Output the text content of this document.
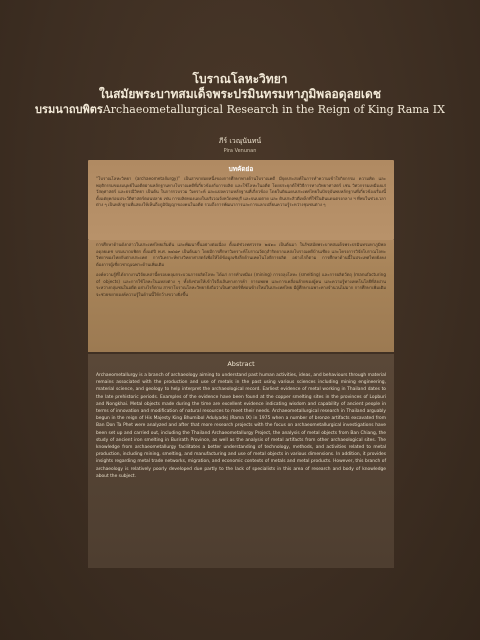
โบราณโลหะวิทยา

ในสมัยพระบาทสมเด็จพระปรมินทรมหาภูมิพลอดุลยเดช

บรมนาถบพิตรArchaeometallurgical Research in the Reign of King Rama IX

ภีร์ เวณุนันทน์
Pira Venunan
บทคัดย่อ
“โบราณโลหะวิทยา (archaeometallurgy)” เป็นสาขาย่อยหนึ่งของการศึกษาทางด้านโบราณคดี มีจุดประสงค์ในการทำความเข้าใจกิจกรรม ความคิด และพฤติกรรมของมนุษย์ในอดีตผ่านหลักฐานทางโบราณคดีที่เกี่ยวข้องกับการผลิต และใช้โลหะในอดีต โดยประยุกต์ใช้วิธีการทางวิทยาศาสตร์ เช่น วิศวกรรมเหมืองแร่ วัสดุศาสตร์ และธรณีวิทยา เป็นต้น ในการรวบรวม วิเคราะห์ และแปลความหลักฐานที่เกี่ยวข้อง โดยในดินแดนประเทศไทยในปัจจุบันพบหลักฐานที่เกี่ยวข้องเรื่องนี้ตั้งแต่ยุคก่อนประวัติศาสตร์ตอนปลาย เช่น การผลิตทองแดงในบริเวณจังหวัดลพบุรี และจนบอตาด และ ดินประสิวตีเหล็กที่ใช้ในดินแดนตรงกลาง ฯ ที่พบในช่วงเวลาต่าง ๆ เป็นหลักฐานที่แสดงให้เห็นถึงภูมิปัญญาของคนในอดีต รวมถึงการพัฒนาการและการแลกเปลี่ยนความรู้ระหว่างชุมชนต่าง ๆ
การศึกษาด้านดังกล่าวในประเทศไทยเริ่มต้น และพัฒนาขึ้นอย่างต่อเนื่อง ตั้งแต่ช่วงทศวรรษ ๒๕๑๐ เป็นต้นมา ในรัชสมัยพระบาทสมเด็จพระปรมินทรมหาภูมิพลอดุลยเดช บรมนาถบพิตร ตั้งแต่ปี พ.ศ. ๒๔๘๙ เป็นต้นมา โดยมีการศึกษาวิเคราะห์โบราณวัตถุสำริดจากแหล่งโบราณคดีบ้านเชียง และโครงการวิจัยโบราณโลหะวิทยาของไทยกับต่างประเทศ การวิเคราะห์ทางวิทยาศาสตร์เพื่อให้ได้ข้อมูลเชิงลึกด้านเทคโนโลยีการผลิต อย่างไรก็ตาม การศึกษาด้านนี้ในประเทศไทยยังคงต้องการผู้เชี่ยวชาญเฉพาะด้านเพิ่มเติม
องค์ความรู้ที่ได้จากงานวิจัยเหล่านี้ครอบคลุมกระบวนการผลิตโลหะ ได้แก่ การทำเหมือง (mining) การถลุงโลหะ (smelting) และการผลิตวัตถุ (manufacturing of objects) และการใช้โลหะในแหล่งต่าง ๆ ทั้งยังช่วยให้เข้าใจถึงเส้นทางการค้า การอพยพ และการเคลื่อนย้ายของผู้คน และความรู้ทางเทคโนโลยีที่ส่งผ่านระหว่างกลุ่มชนในอดีต อย่างไรก็ตาม สาขาโบราณโลหะวิทยายังถือว่าเป็นศาสตร์ที่ค่อนข้างใหม่ในประเทศไทย มีผู้ศึกษาเฉพาะทางจำนวนไม่มาก การศึกษาเพิ่มเติมจะช่วยขยายองค์ความรู้ในด้านนี้ให้กว้างขวางยิ่งขึ้น
Abstract
Archaeometallurgy is a branch of archaeology aiming to understand past human activities, ideas, and behaviours through material remains associated with the production and use of metals in the past using various sciences including mining engineering, material science, and geology to help interpret the archaeological record. Earliest evidence of metal working in Thailand dates to the late prehistoric periods. Examples of the evidence have been found at the copper smelting sites in the provinces of Lopburi and Nongkhai. Metal objects made during the time are excellent evidence indicating wisdom and capability of ancient people in terms of innovation and modification of natural resources to meet their needs. Archaeometallurgical research in Thailand arguably begun in the reign of His Majesty King Bhumibol Adulyadej (Rama IX) in 1975 when a number of bronze artifacts excavated from Ban Don Ta Phet were analyzed and after that more research projects with the focus on archaeometallurgical investigations have been set up and carried out, including the Thailand Archaeometallurgy Project, the analysis of metal objects from Ban Chiang, the study of ancient iron smelting in Burirath Province, as well as the analysis of metal artifacts from other archaeological sites. The knowledge from archaeometallurgy facilitates a better understanding of technology, methods, and activities related to metal production, including mining, smelting, and manufacturing and use of metal objects in various dimensions. In addition, it provides insights regarding metal trade networks, migration, and economic contexts of metals and metal products. However, this branch of archaeology is relatively poorly developed due partly to the lack of specialists in this area of research and body of knowledge about the subject.
